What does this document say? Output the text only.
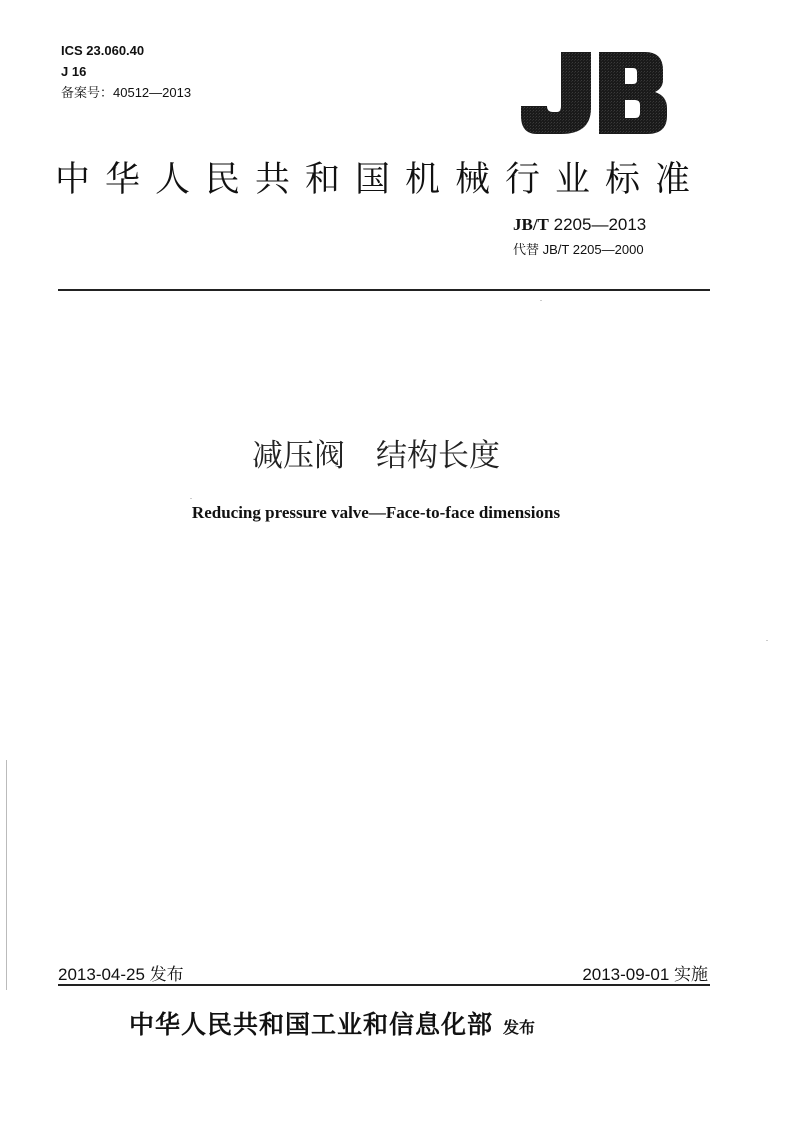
ICS 23.060.40
J 16
备案号：40512—2013
中华人民共和国机械行业标准
JB/T 2205—2013
代替 JB/T 2205—2000
减压阀　结构长度
Reducing pressure valve—Face-to-face dimensions
2013-04-25 发布	2013-09-01 实施
中华人民共和国工业和信息化部 发布
